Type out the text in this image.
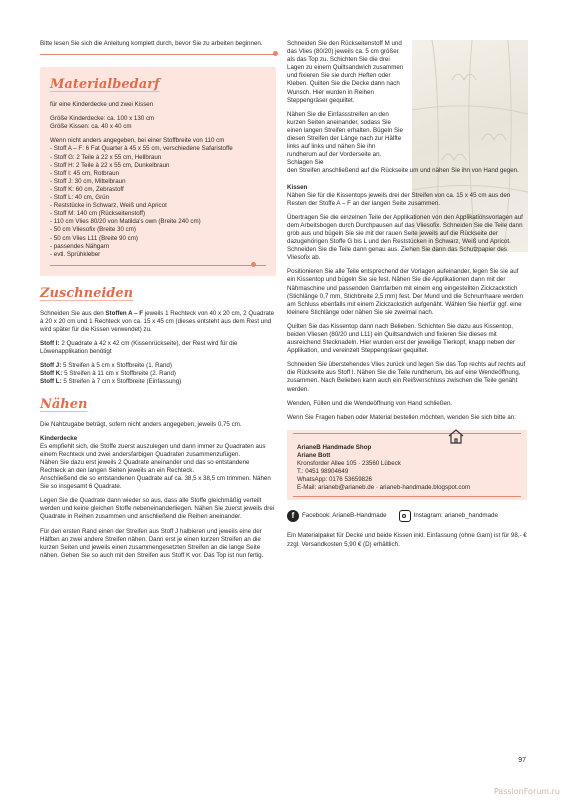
Bitte lesen Sie sich die Anleitung komplett durch, bevor Sie zu arbeiten beginnen.

Materialbedarf
für eine Kinderdecke und zwei Kissen
Größe Kinderdecke: ca. 100 x 130 cm
Größe Kissen: ca. 40 x 40 cm
Wenn nicht anders angegeben, bei einer Stoffbreite von 110 cm
- Stoff A – F: 6 Fat Quarter à 45 x 55 cm, verschiedene Safaristoffe
- Stoff G: 2 Teile à 22 x 55 cm, Hellbraun
- Stoff H: 2 Teile à 22 x 55 cm, Dunkelbraun
- Stoff I: 45 cm, Rotbraun
- Stoff J: 30 cm, Mittelbraun
- Stoff K: 60 cm, Zebrastoff
- Stoff L: 40 cm, Grün
- Reststücke in Schwarz, Weiß und Apricot
- Stoff M: 140 cm (Rückseitenstoff)
- 110 cm Vlies 80/20 von Matilda's own (Breite 240 cm)
- 50 cm Vliesofix (Breite 30 cm)
- 50 cm Vlies L11 (Breite 90 cm)
- passendes Nähgarn
- evtl. Sprühkleber
Zuschneiden

Schneiden Sie aus den Stoffen A – F jeweils 1 Rechteck von 40 x 20 cm, 2 Quadrate à 20 x 20 cm und 1 Rechteck von ca. 15 x 45 cm (dieses entsteht aus dem Rest und wird später für die Kissen verwendet) zu.

Stoff I: 2 Quadrate à 42 x 42 cm (Kissenrückseite), der Rest wird für die Löwenapplikation benötigt

Stoff J: 5 Streifen à 5 cm x Stoffbreite (1. Rand)
Stoff K: 5 Streifen à 11 cm x Stoffbreite (2. Rand)
Stoff L: 5 Streifen à 7 cm x Stoffbreite (Einfassung)

Nähen

Die Nahtzugabe beträgt, sofern nicht anders angegeben, jeweils 0,75 cm.

Kinderdecke

Es empfiehlt sich, die Stoffe zuerst auszulegen und dann immer zu Quadraten aus einem Rechteck und zwei andersfarbigen Quadraten zusammenzufügen.
Nähen Sie dazu erst jeweils 2 Quadrate aneinander und das so entstandene Rechteck an den langen Seiten jeweils an ein Rechteck.
Anschließend die so entstandenen Quadrate auf ca. 38,5 x 38,5 cm trimmen. Nähen Sie so insgesamt 6 Quadrate.

Legen Sie die Quadrate dann wieder so aus, dass alle Stoffe gleichmäßig verteilt werden und keine gleichen Stoffe nebeneinanderliegen. Nähen Sie zuerst jeweils drei Quadrate in Reihen zusammen und anschließend die Reihen aneinander.

Für den ersten Rand einen der Streifen aus Stoff J halbieren und jeweils eine der Hälften an zwei andere Streifen nähen. Dann erst je einen kurzen Streifen an die kurzen Seiten und jeweils einen zusammengesetzten Streifen an die lange Seite nähen. Gehen Sie so auch mit den Streifen aus Stoff K vor. Das Top ist nun fertig.

Schneiden Sie den Rückseitenstoff M und das Vlies (80/20) jeweils ca. 5 cm größer als das Top zu. Schichten Sie die drei Lagen zu einem Quiltsandwich zusammen und fixieren Sie sie durch Heften oder Kleben. Quilten Sie die Decke dann nach Wunsch. Hier wurden in Reihen Steppengräser gequiltet.

Nähen Sie die Einfassstreifen an den kurzen Seiten aneinander, sodass Sie einen langen Streifen erhalten. Bügeln Sie diesen Streifen der Länge nach zur Hälfte links auf links und nähen Sie ihn rundherum auf der Vorderseite an. Schlagen Sie

den Streifen anschließend auf die Rückseite um und nähen Sie ihn von Hand gegen.

Kissen

Nähen Sie für die Kissentops jeweils drei der Streifen von ca. 15 x 45 cm aus den Resten der Stoffe A – F an der langen Seite zusammen.

Übertragen Sie die einzelnen Teile der Applikationen von den Applikationsvorlagen auf dem Arbeitsbogen durch Durchpausen auf das Vliesofix. Schneiden Sie die Teile dann grob aus und bügeln Sie sie mit der rauen Seite jeweils auf die Rückseite der dazugehörigen Stoffe G bis L und den Reststücken in Schwarz, Weiß und Apricot. Schneiden Sie die Teile dann genau aus. Ziehen Sie dann das Schutzpapier des Vliesofix ab.

Positionieren Sie alle Teile entsprechend der Vorlagen aufeinander, legen Sie sie auf ein Kissentop und bügeln Sie sie fest. Nähen Sie die Applikationen dann mit der Nähmaschine und passenden Garnfarben mit einem eng eingestellten Zickzackstich (Stichlänge 0,7 mm, Stichbreite 2,5 mm) fest. Der Mund und die Schnurrhaare werden am Schluss ebenfalls mit einem Zickzackstich aufgenäht. Wählen Sie hierfür ggf. eine kleinere Stichlänge oder nähen Sie sie zweimal nach.

Quilten Sie das Kissentop dann nach Belieben. Schichten Sie dazu aus Kissentop, beiden Vliesen (80/20 und L11) ein Quiltsandwich und fixieren Sie dieses mit ausreichend Stecknadeln. Hier wurden erst der jeweilige Tierkopf, knapp neben der Applikation, und vereinzelt Steppengräser gequiltet.

Schneiden Sie überstehendes Vlies zurück und legen Sie das Top rechts auf rechts auf die Rückseite aus Stoff I. Nähen Sie die Teile rundherum, bis auf eine Wendeöffnung, zusammen. Nach Belieben kann auch ein Reißverschluss zwischen die Teile genäht werden.

Wenden, Füllen und die Wendeöffnung von Hand schließen.

Wenn Sie Fragen haben oder Material bestellen möchten, wenden Sie sich bitte an:

ArianeB Handmade Shop
Ariane Bott
Kronsforder Allee 105 · 23560 Lübeck
T.: 0451 98904649
WhatsApp: 0176 53659826
E-Mail: arianeb@arianeb.de · arianeb-handmade.blogspot.com
f	Facebook: ArianeB-Handmade	Instagram: arianeb_handmade

Ein Materialpaket für Decke und beide Kissen inkl. Einfassung (ohne Garn) ist für 98,- € zzgl. Versandkosten 5,90 € (D) erhältlich.

97
PassionForum.ru
